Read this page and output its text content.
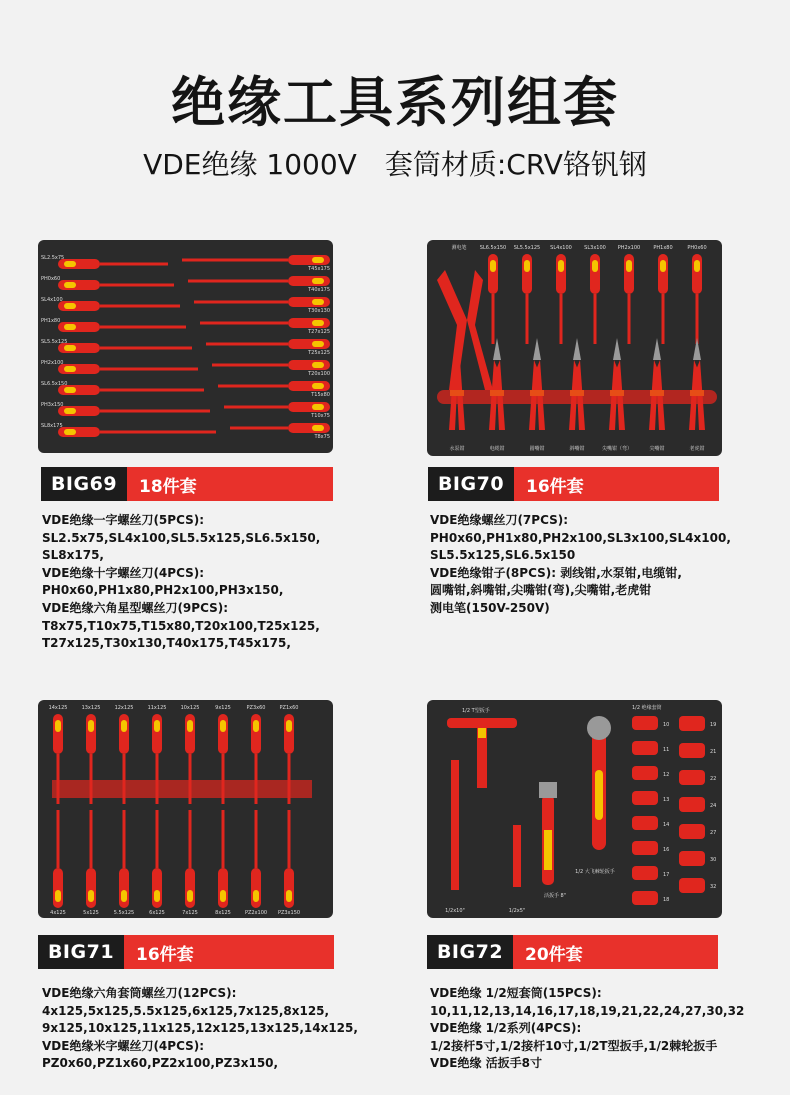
绝缘工具系列组套
VDE绝缘 1000V 套筒材质:CRV铬钒钢
SL2.5x75
PH0x60
SL4x100
PH1x80
SL5.5x125
PH2x100
SL6.5x150
PH3x150
SL8x175
T45x175
T40x175
T30x130
T27x125
T25x125
T20x100
T15x80
T10x75
T8x75
BIG69	18件套
VDE绝缘一字螺丝刀(5PCS):
SL2.5x75,SL4x100,SL5.5x125,SL6.5x150,
SL8x175,
VDE绝缘十字螺丝刀(4PCS):
PH0x60,PH1x80,PH2x100,PH3x150,
VDE绝缘六角星型螺丝刀(9PCS):
T8x75,T10x75,T15x80,T20x100,T25x125,
T27x125,T30x130,T40x175,T45x175,
测电笔	SL6.5x150 SL5.5x125 SL4x100 SL3x100 PH2x100	PH1x80	PH0x60
水泵钳	电缆钳	圆嘴钳	斜嘴钳	尖嘴钳（弯）	尖嘴钳	老虎钳
BIG70	16件套
VDE绝缘螺丝刀(7PCS):
PH0x60,PH1x80,PH2x100,SL3x100,SL4x100,
SL5.5x125,SL6.5x150
VDE绝缘钳子(8PCS): 剥线钳,水泵钳,电缆钳,
圆嘴钳,斜嘴钳,尖嘴钳(弯),尖嘴钳,老虎钳
测电笔(150V-250V)
14x125
4x125
13x125
5x125
12x125
5.5x125
11x125
6x125
10x125
7x125
9x125
8x125
PZ3x60
PZ2x100
PZ1x60
PZ3x150
BIG71	16件套
VDE绝缘六角套筒螺丝刀(12PCS):
4x125,5x125,5.5x125,6x125,7x125,8x125,
9x125,10x125,11x125,12x125,13x125,14x125,
VDE绝缘米字螺丝刀(4PCS):
PZ0x60,PZ1x60,PZ2x100,PZ3x150,
1/2 T型扳手	1/2 绝缘套筒
1/2x10"	1/2x5"
1/2 大飞棘轮扳手
活扳手 8"
10
11
12
13
14
16
17
18
19
21
22
24
27
30
32
BIG72	20件套
VDE绝缘 1/2短套筒(15PCS):
10,11,12,13,14,16,17,18,19,21,22,24,27,30,32
VDE绝缘 1/2系列(4PCS):
1/2接杆5寸,1/2接杆10寸,1/2T型扳手,1/2棘轮扳手
VDE绝缘 活扳手8寸
